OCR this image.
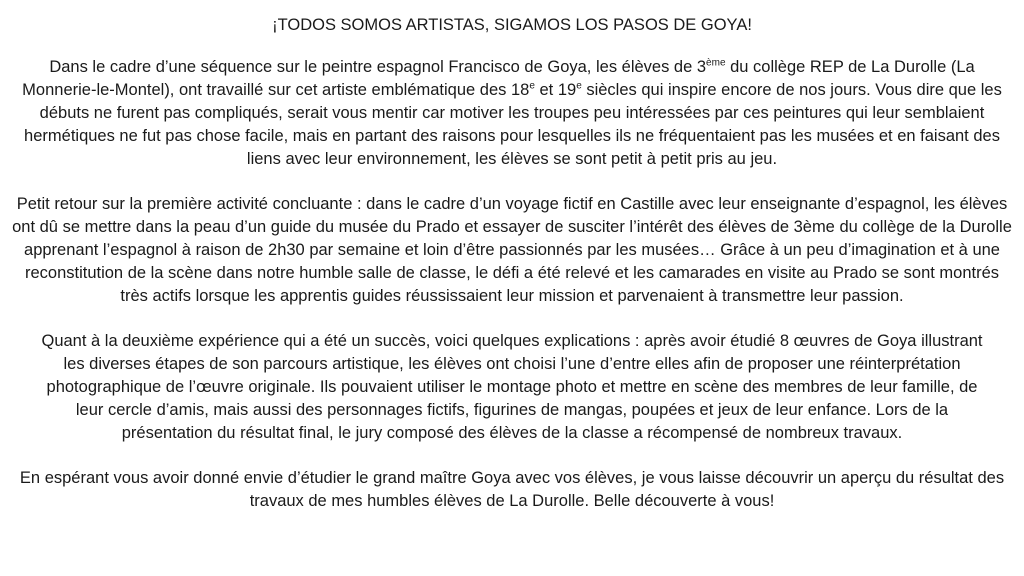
¡TODOS SOMOS ARTISTAS, SIGAMOS LOS PASOS DE GOYA!

Dans le cadre d’une séquence sur le peintre espagnol Francisco de Goya, les élèves de 3ème du collège REP de La Durolle (La Monnerie-le-Montel), ont travaillé sur cet artiste emblématique des 18e et 19e siècles qui inspire encore de nos jours. Vous dire que les débuts ne furent pas compliqués, serait vous mentir car motiver les troupes peu intéressées par ces peintures qui leur semblaient hermétiques ne fut pas chose facile, mais en partant des raisons pour lesquelles ils ne fréquentaient pas les musées et en faisant des liens avec leur environnement, les élèves se sont petit à petit pris au jeu.

Petit retour sur la première activité concluante : dans le cadre d’un voyage fictif en Castille avec leur enseignante d’espagnol, les élèves ont dû se mettre dans la peau d’un guide du musée du Prado et essayer de susciter l’intérêt des élèves de 3ème du collège de la Durolle apprenant l’espagnol à raison de 2h30 par semaine et loin d’être passionnés par les musées… Grâce à un peu d’imagination et à une reconstitution de la scène dans notre humble salle de classe, le défi a été relevé et les camarades en visite au Prado se sont montrés très actifs lorsque les apprentis guides réussissaient leur mission et parvenaient à transmettre leur passion.

Quant à la deuxième expérience qui a été un succès, voici quelques explications : après avoir étudié 8 œuvres de Goya illustrant les diverses étapes de son parcours artistique, les élèves ont choisi l’une d’entre elles afin de proposer une réinterprétation photographique de l’œuvre originale. Ils pouvaient utiliser le montage photo et mettre en scène des membres de leur famille, de leur cercle d’amis, mais aussi des personnages fictifs, figurines de mangas, poupées et jeux de leur enfance. Lors de la présentation du résultat final, le jury composé des élèves de la classe a récompensé de nombreux travaux.

En espérant vous avoir donné envie d’étudier le grand maître Goya avec vos élèves, je vous laisse découvrir un aperçu du résultat des travaux de mes humbles élèves de La Durolle. Belle découverte à vous!
